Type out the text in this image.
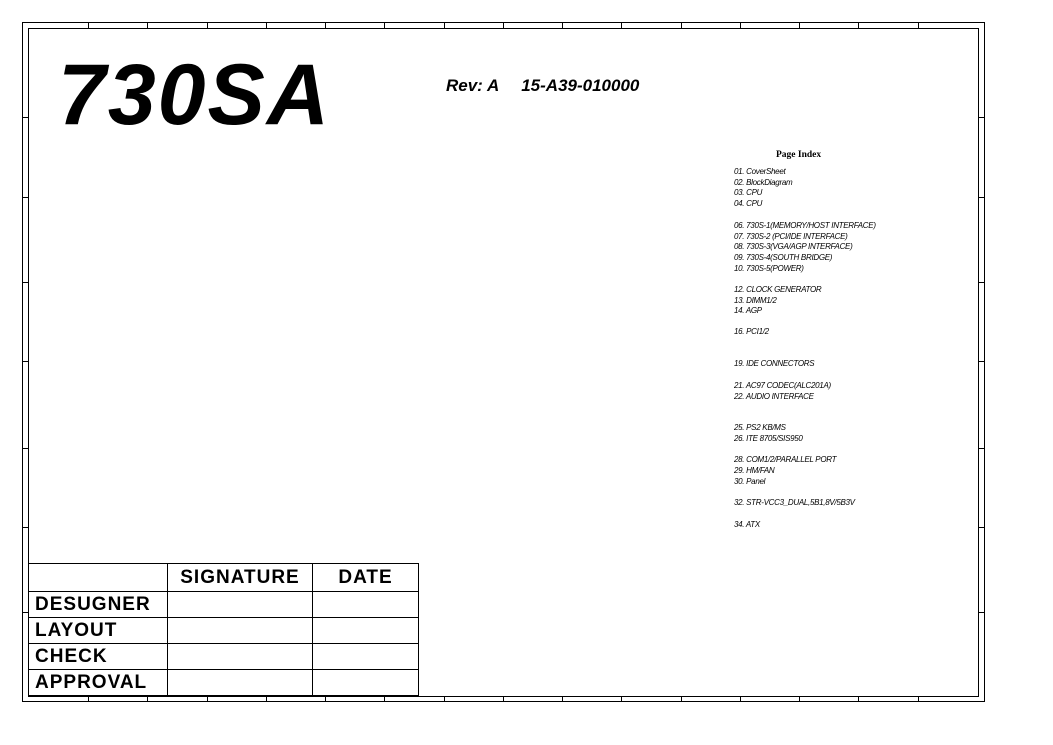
730SA	Rev: A 15-A39-010000
Page Index
01. CoverSheet
02. BlockDiagram
03. CPU
04. CPU
06. 730S-1(MEMORY/HOST INTERFACE)
07. 730S-2 (PCI/IDE INTERFACE)
08. 730S-3(VGA/AGP INTERFACE)
09. 730S-4(SOUTH BRIDGE)
10. 730S-5(POWER)
12. CLOCK GENERATOR
13. DIMM1/2
14. AGP
16. PCI1/2
19. IDE CONNECTORS
21. AC97 CODEC(ALC201A)
22. AUDIO INTERFACE
25. PS2 KB/MS
26. ITE 8705/SIS950
28. COM1/2/PARALLEL PORT
29. HM/FAN
30. Panel
32. STR-VCC3_DUAL,5B1,8V/5B3V
34. ATX
	SIGNATURE	DATE
DESUGNER		
LAYOUT		
CHECK		
APPROVAL		
